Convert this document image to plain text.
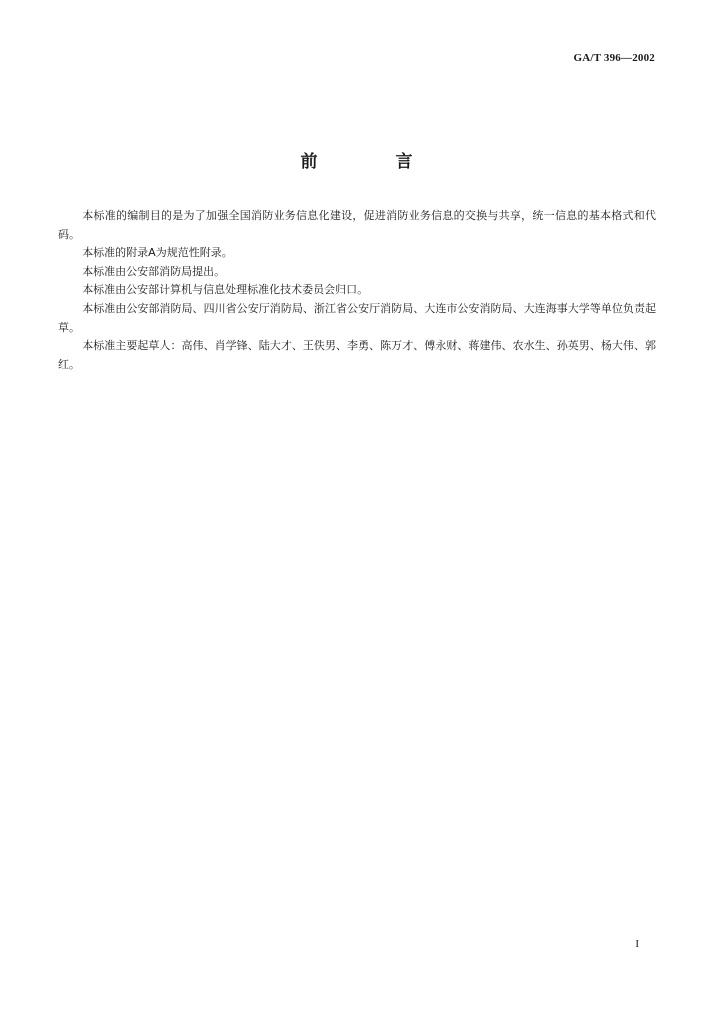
GA/T 396—2002
前 言

本标准的编制目的是为了加强全国消防业务信息化建设，促进消防业务信息的交换与共享，统一信息的基本格式和代码。

本标准的附录A为规范性附录。

本标准由公安部消防局提出。

本标准由公安部计算机与信息处理标准化技术委员会归口。

本标准由公安部消防局、四川省公安厅消防局、浙江省公安厅消防局、大连市公安消防局、大连海事大学等单位负责起草。

本标准主要起草人：高伟、肖学锋、陆大才、王佚男、李勇、陈万才、傅永财、蒋建伟、农水生、孙英男、杨大伟、郭红。

I
